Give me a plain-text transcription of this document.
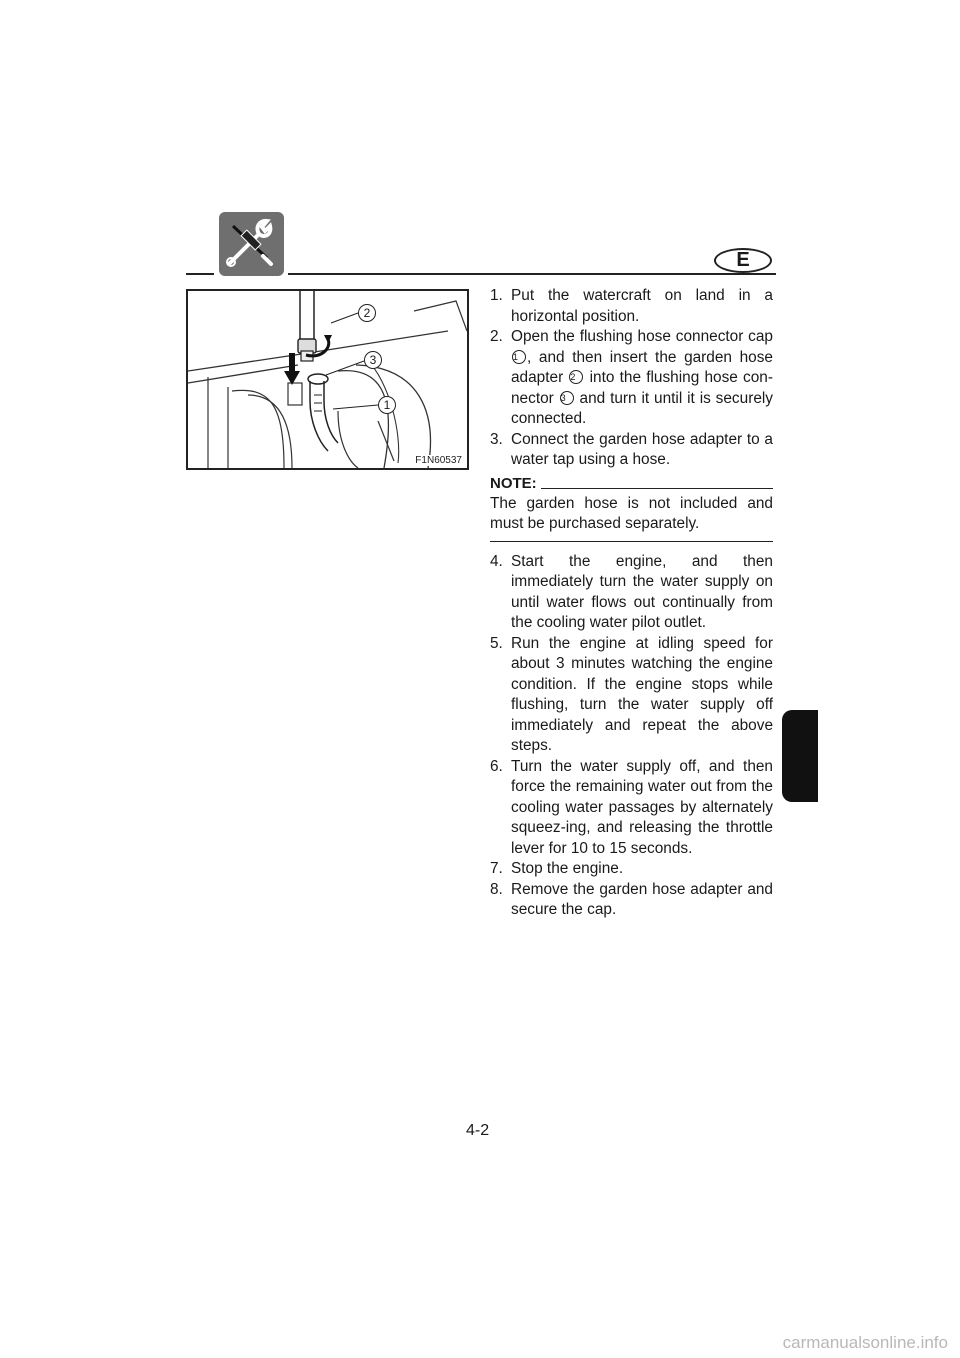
E
2
3
1
F1N60537
1. Put the watercraft on land in a horizontal position.
2. Open the flushing hose connector cap 1 , and then insert the garden hose adapter 2 into the flushing hose con-nector 3 and turn it until it is securely connected.
3. Connect the garden hose adapter to a water tap using a hose.
NOTE:
The garden hose is not included and must be purchased separately.
4. Start the engine, and then immediately turn the water supply on until water flows out continually from the cooling water pilot outlet.
5. Run the engine at idling speed for about 3 minutes watching the engine condition. If the engine stops while flushing, turn the water supply off immediately and repeat the above steps.
6. Turn the water supply off, and then force the remaining water out from the cooling water passages by alternately squeez-ing, and releasing the throttle lever for 10 to 15 seconds.
7. Stop the engine.
8. Remove the garden hose adapter and secure the cap.
4-2
carmanualsonline.info
